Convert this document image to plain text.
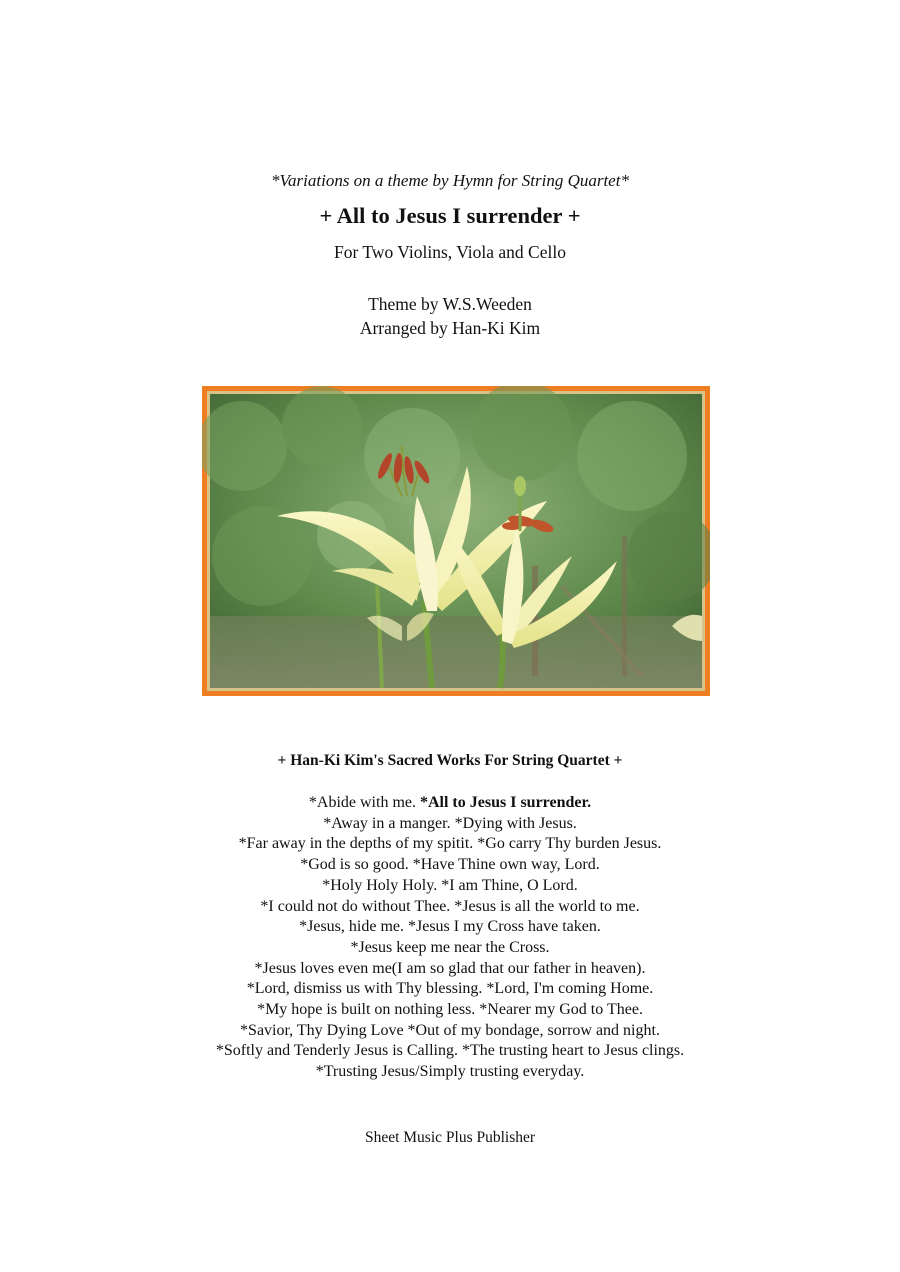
*Variations on a theme by Hymn for String Quartet*
+ All to Jesus I surrender +
For Two Violins, Viola and Cello
Theme by W.S.Weeden
Arranged by Han-Ki Kim
+ Han-Ki Kim's Sacred Works For String Quartet +
*Abide with me. *All to Jesus I surrender.
*Away in a manger. *Dying with Jesus.
*Far away in the depths of my spitit. *Go carry Thy burden Jesus.
*God is so good. *Have Thine own way, Lord.
*Holy Holy Holy. *I am Thine, O Lord.
*I could not do without Thee. *Jesus is all the world to me.
*Jesus, hide me. *Jesus I my Cross have taken.
*Jesus keep me near the Cross.
*Jesus loves even me(I am so glad that our father in heaven).
*Lord, dismiss us with Thy blessing. *Lord, I'm coming Home.
*My hope is built on nothing less. *Nearer my God to Thee.
*Savior, Thy Dying Love *Out of my bondage, sorrow and night.
*Softly and Tenderly Jesus is Calling. *The trusting heart to Jesus clings.
*Trusting Jesus/Simply trusting everyday.
Sheet Music Plus Publisher
